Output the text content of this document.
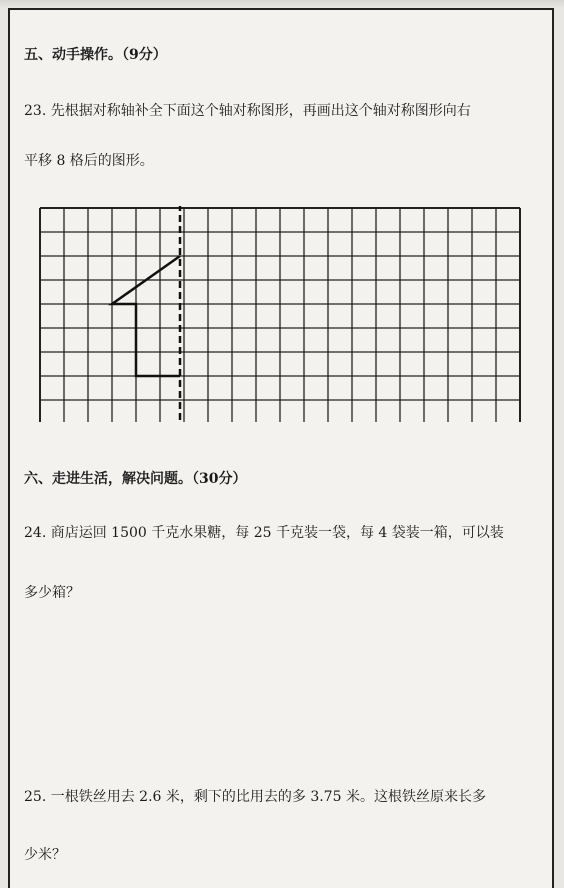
五、动手操作。（9分）
23. 先根据对称轴补全下面这个轴对称图形，再画出这个轴对称图形向右
平移 8 格后的图形。
六、走进生活，解决问题。（30分）
24. 商店运回 1500 千克水果糖，每 25 千克装一袋，每 4 袋装一箱，可以装
多少箱？
25. 一根铁丝用去 2.6 米，剩下的比用去的多 3.75 米。这根铁丝原来长多
少米？
